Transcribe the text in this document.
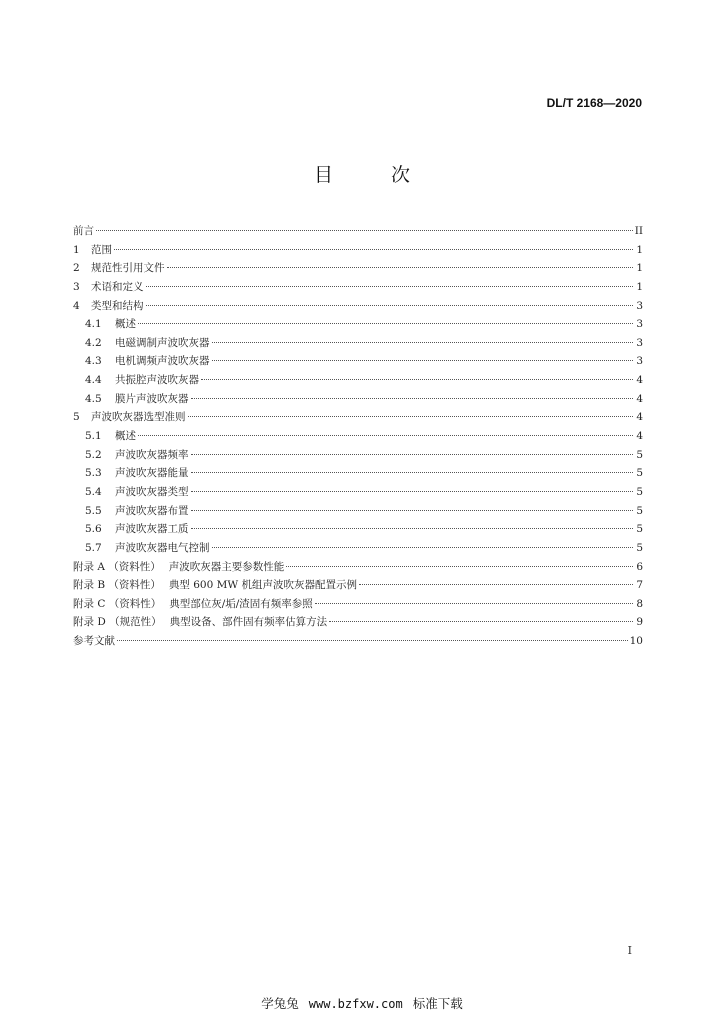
DL/T 2168—2020
目 次
前言	II
1	范围	1
2	规范性引用文件	1
3	术语和定义	1
4	类型和结构	3
4.1	概述	3
4.2	电磁调制声波吹灰器	3
4.3	电机调频声波吹灰器	3
4.4	共振腔声波吹灰器	4
4.5	膜片声波吹灰器	4
5	声波吹灰器选型准则	4
5.1	概述	4
5.2	声波吹灰器频率	5
5.3	声波吹灰器能量	5
5.4	声波吹灰器类型	5
5.5	声波吹灰器布置	5
5.6	声波吹灰器工质	5
5.7	声波吹灰器电气控制	5
附录 A （资料性） 声波吹灰器主要参数性能	6
附录 B （资料性） 典型 600 MW 机组声波吹灰器配置示例	7
附录 C （资料性） 典型部位灰/垢/渣固有频率参照	8
附录 D （规范性） 典型设备、部件固有频率估算方法	9
参考文献	10
I
学兔兔 www.bzfxw.com 标准下载
